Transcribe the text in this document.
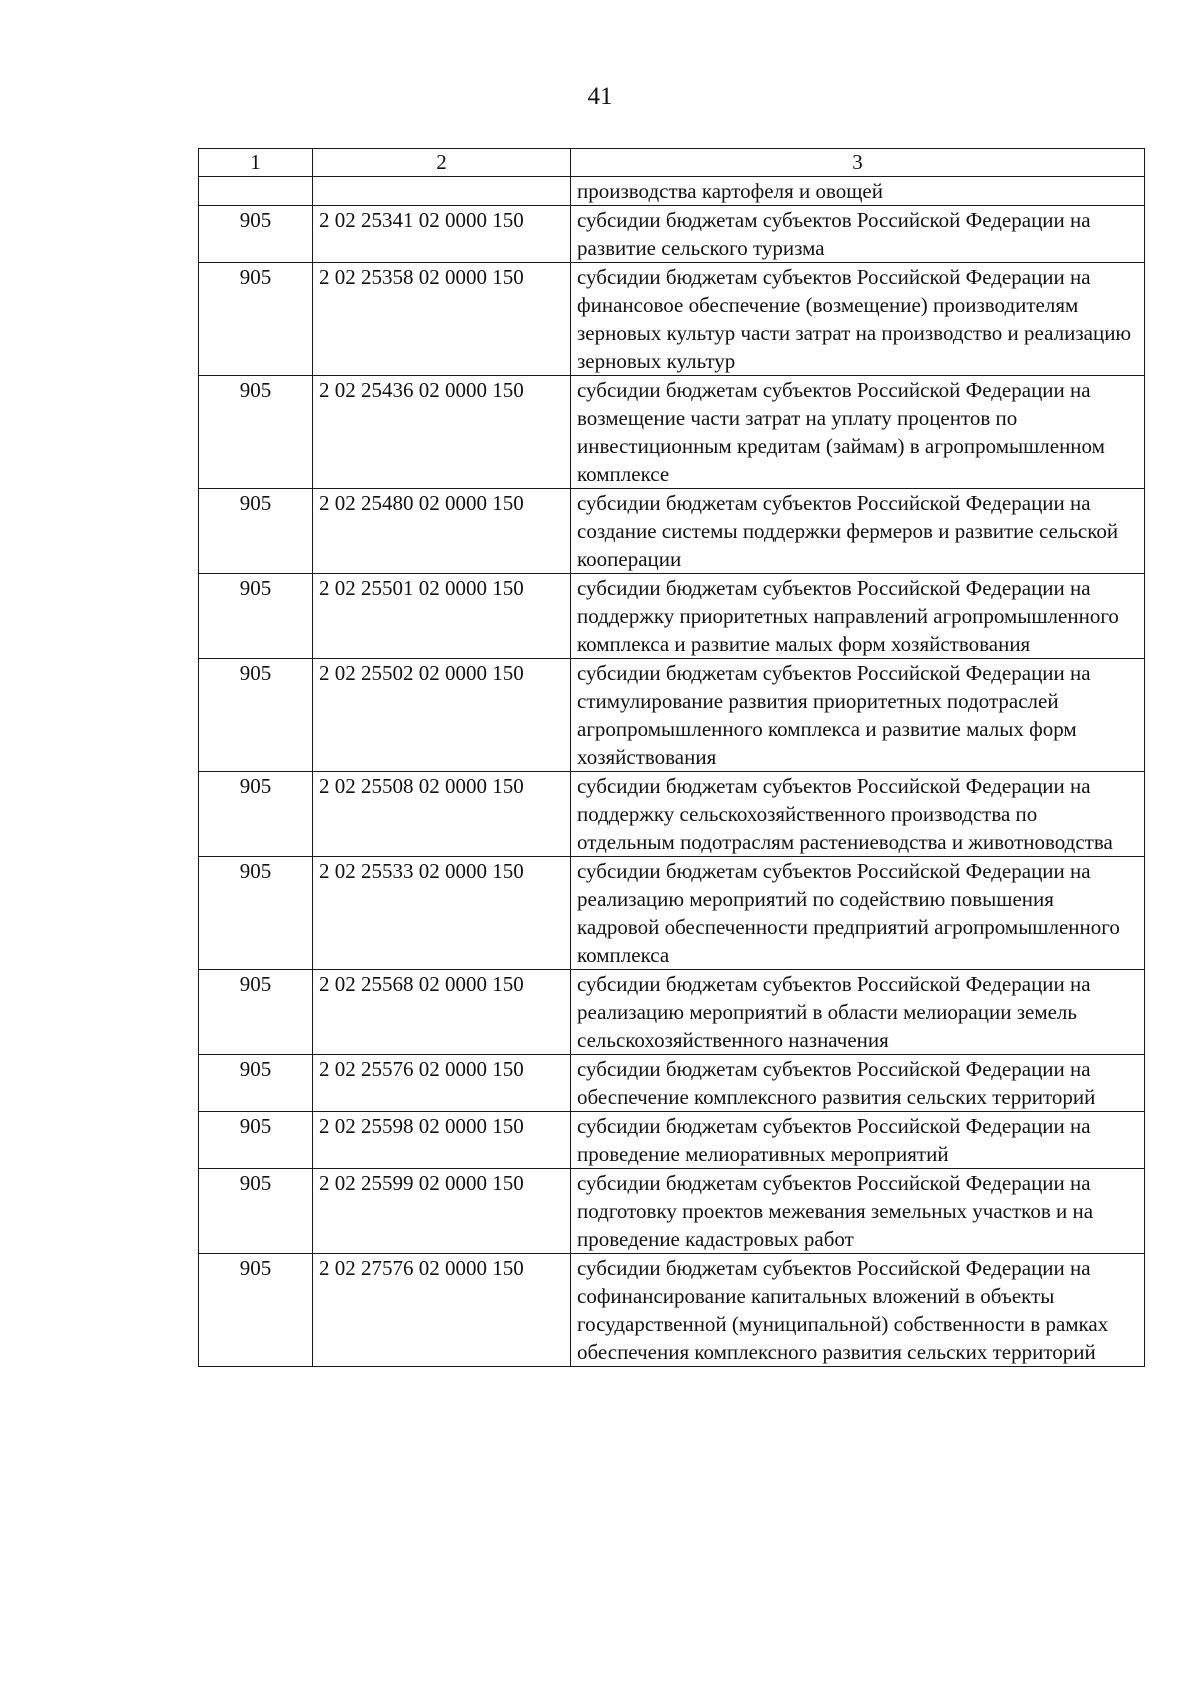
41
1	2	3
		производства картофеля и овощей
905	2 02 25341 02 0000 150	субсидии бюджетам субъектов Российской Федерации на развитие сельского туризма
905	2 02 25358 02 0000 150	субсидии бюджетам субъектов Российской Федерации на финансовое обеспечение (возмещение) производителям зерновых культур части затрат на производство и реализацию зерновых культур
905	2 02 25436 02 0000 150	субсидии бюджетам субъектов Российской Федерации на возмещение части затрат на уплату процентов по инвестиционным кредитам (займам) в агропромышленном комплексе
905	2 02 25480 02 0000 150	субсидии бюджетам субъектов Российской Федерации на создание системы поддержки фермеров и развитие сельской кооперации
905	2 02 25501 02 0000 150	субсидии бюджетам субъектов Российской Федерации на поддержку приоритетных направлений агропромышленного комплекса и развитие малых форм хозяйствования
905	2 02 25502 02 0000 150	субсидии бюджетам субъектов Российской Федерации на стимулирование развития приоритетных подотраслей агропромышленного комплекса и развитие малых форм хозяйствования
905	2 02 25508 02 0000 150	субсидии бюджетам субъектов Российской Федерации на поддержку сельскохозяйственного производства по отдельным подотраслям растениеводства и животноводства
905	2 02 25533 02 0000 150	субсидии бюджетам субъектов Российской Федерации на реализацию мероприятий по содействию повышения кадровой обеспеченности предприятий агропромышленного комплекса
905	2 02 25568 02 0000 150	субсидии бюджетам субъектов Российской Федерации на реализацию мероприятий в области мелиорации земель сельскохозяйственного назначения
905	2 02 25576 02 0000 150	субсидии бюджетам субъектов Российской Федерации на обеспечение комплексного развития сельских территорий
905	2 02 25598 02 0000 150	субсидии бюджетам субъектов Российской Федерации на проведение мелиоративных мероприятий
905	2 02 25599 02 0000 150	субсидии бюджетам субъектов Российской Федерации на подготовку проектов межевания земельных участков и на проведение кадастровых работ
905	2 02 27576 02 0000 150	субсидии бюджетам субъектов Российской Федерации на софинансирование капитальных вложений в объекты государственной (муниципальной) собственности в рамках обеспечения комплексного развития сельских территорий
